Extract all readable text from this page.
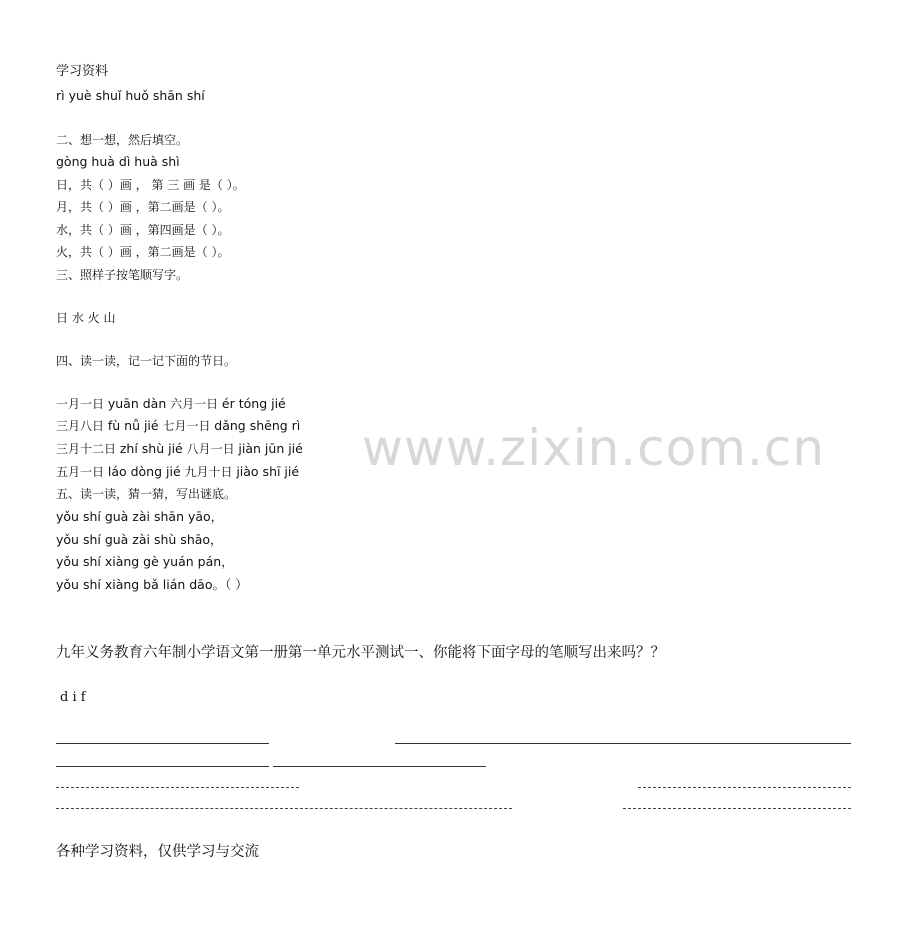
学习资料
rì yuè shuǐ huǒ shān shí
二、想一想，然后填空。
gòng huà dì huà shì
日，共（ ）画 ， 第 三 画 是（ ）。
月，共（ ）画 ，第二画是（ ）。
水，共（ ）画 ，第四画是（ ）。
火，共（ ）画 ，第二画是（ ）。
三、照样子按笔顺写字。
日 水 火 山
四、读一读，记一记下面的节日。
一月一日 yuān dàn 六月一日 ér tóng jié
三月八日 fù nǚ jié 七月一日 dǎng shēng rì
三月十二日 zhí shù jié 八月一日 jiàn jūn jié
五月一日 láo dòng jié 九月十日 jiào shī jié www.zixin.com.cn
五、读一读，猜一猜，写出谜底。
yǒu shí guà zài shān yāo，
yǒu shí guà zài shù shāo，
yǒu shí xiàng gè yuán pán，
yǒu shí xiàng bǎ lián dāo。（ ）
九年义务教育六年制小学语文第一册第一单元水平测试一、你能将下面字母的笔顺写出来吗？？
d i f
各种学习资料，仅供学习与交流
